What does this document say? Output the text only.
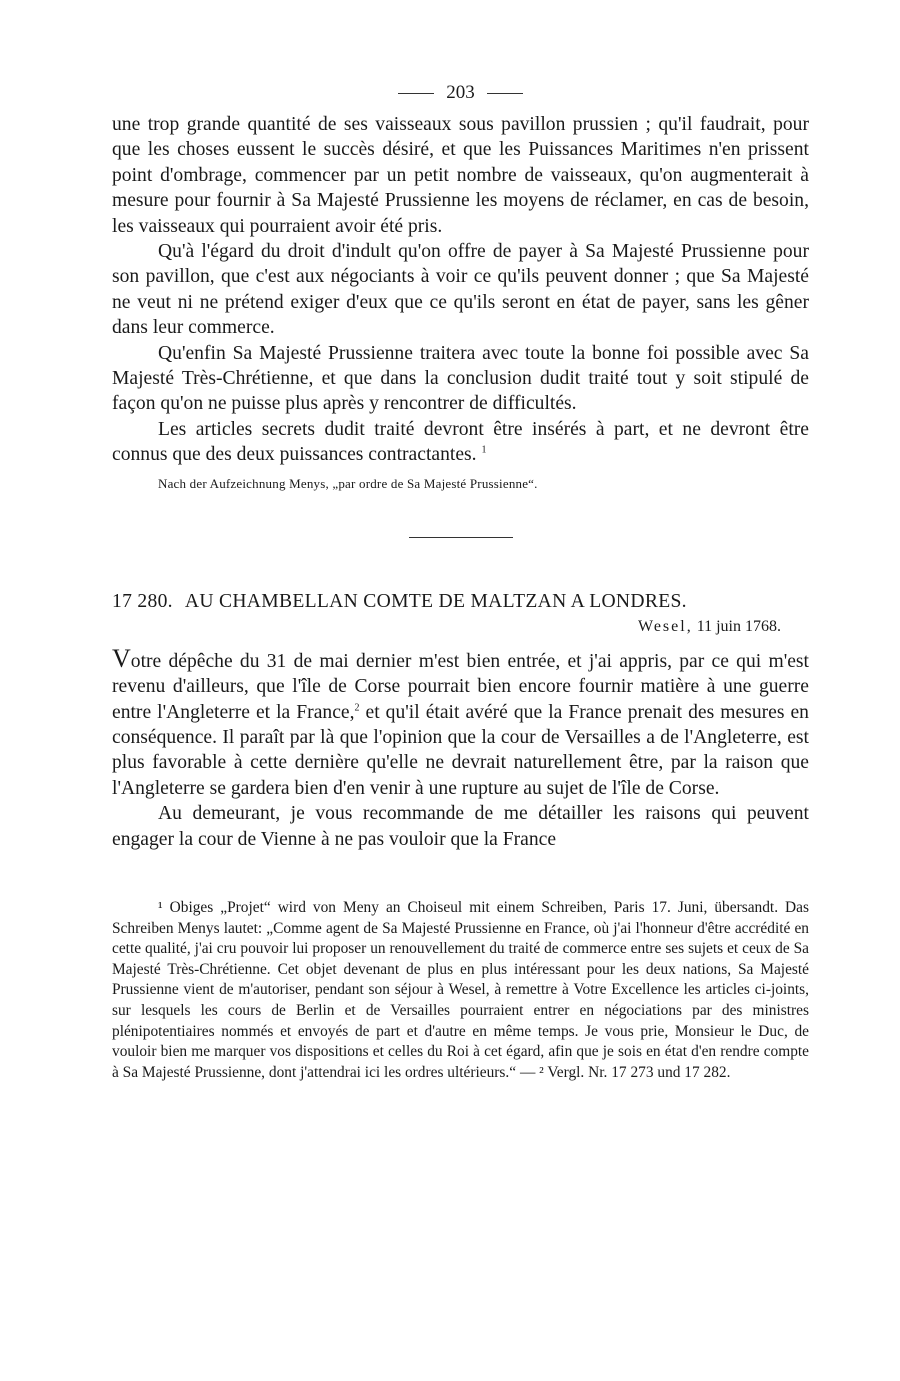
203

une trop grande quantité de ses vaisseaux sous pavillon prussien ; qu'il faudrait, pour que les choses eussent le succès désiré, et que les Puissances Maritimes n'en prissent point d'ombrage, commencer par un petit nombre de vaisseaux, qu'on augmenterait à mesure pour fournir à Sa Majesté Prussienne les moyens de réclamer, en cas de besoin, les vaisseaux qui pourraient avoir été pris.

Qu'à l'égard du droit d'indult qu'on offre de payer à Sa Majesté Prussienne pour son pavillon, que c'est aux négociants à voir ce qu'ils peuvent donner ; que Sa Majesté ne veut ni ne prétend exiger d'eux que ce qu'ils seront en état de payer, sans les gêner dans leur commerce.

Qu'enfin Sa Majesté Prussienne traitera avec toute la bonne foi possible avec Sa Majesté Très-Chrétienne, et que dans la conclusion dudit traité tout y soit stipulé de façon qu'on ne puisse plus après y rencontrer de difficultés.

Les articles secrets dudit traité devront être insérés à part, et ne devront être connus que des deux puissances contractantes. $^1$

Nach der Aufzeichnung Menys, „par ordre de Sa Majesté Prussienne“.

17 280. AU CHAMBELLAN COMTE DE MALTZAN A LONDRES.

Wesel, 11 juin 1768.

Votre dépêche du 31 de mai dernier m'est bien entrée, et j'ai appris, par ce qui m'est revenu d'ailleurs, que l'île de Corse pourrait bien encore fournir matière à une guerre entre l'Angleterre et la France,$^2$ et qu'il était avéré que la France prenait des mesures en conséquence. Il paraît par là que l'opinion que la cour de Versailles a de l'Angleterre, est plus favorable à cette dernière qu'elle ne devrait naturellement être, par la raison que l'Angleterre se gardera bien d'en venir à une rupture au sujet de l'île de Corse.

Au demeurant, je vous recommande de me détailler les raisons qui peuvent engager la cour de Vienne à ne pas vouloir que la France

¹ Obiges „Projet“ wird von Meny an Choiseul mit einem Schreiben, Paris 17. Juni, übersandt. Das Schreiben Menys lautet: „Comme agent de Sa Majesté Prussienne en France, où j'ai l'honneur d'être accrédité en cette qualité, j'ai cru pouvoir lui proposer un renouvellement du traité de commerce entre ses sujets et ceux de Sa Majesté Très-Chrétienne. Cet objet devenant de plus en plus intéressant pour les deux nations, Sa Majesté Prussienne vient de m'autoriser, pendant son séjour à Wesel, à remettre à Votre Excellence les articles ci-joints, sur lesquels les cours de Berlin et de Versailles pourraient entrer en négociations par des ministres plénipotentiaires nommés et envoyés de part et d'autre en même temps. Je vous prie, Monsieur le Duc, de vouloir bien me marquer vos dispositions et celles du Roi à cet égard, afin que je sois en état d'en rendre compte à Sa Majesté Prussienne, dont j'attendrai ici les ordres ultérieurs.“ — ² Vergl. Nr. 17 273 und 17 282.
